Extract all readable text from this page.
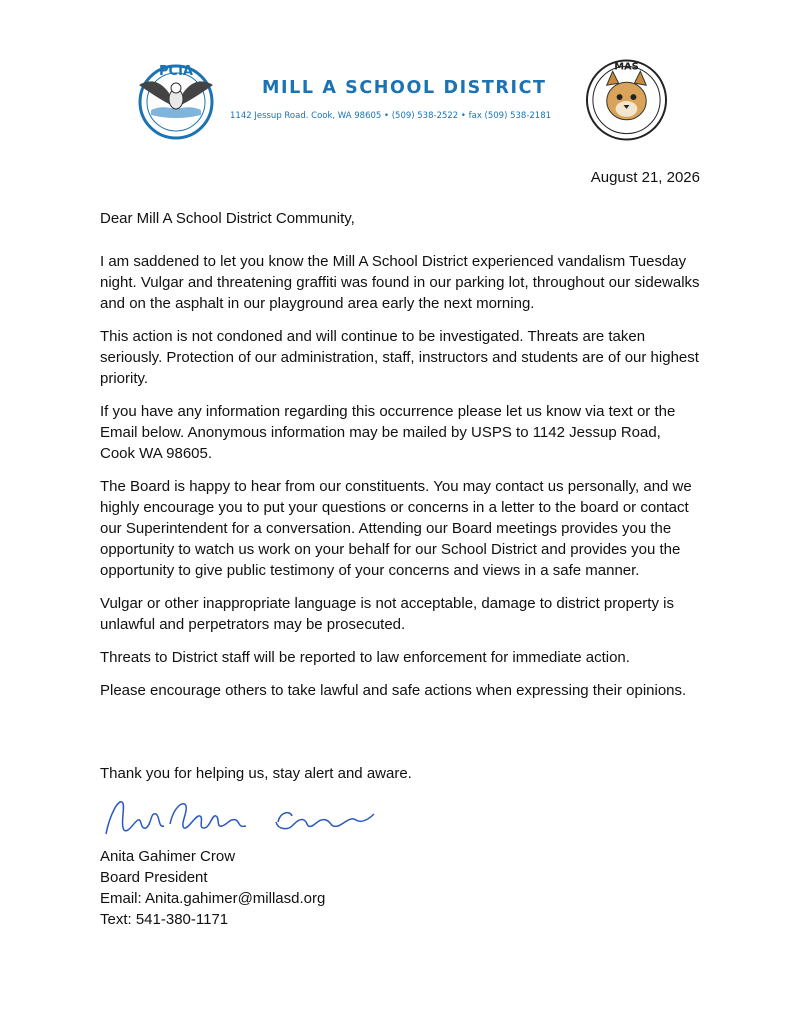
PCIA
MILL A SCHOOL DISTRICT
1142 Jessup Road. Cook, WA 98605 • (509) 538-2522 • fax (509) 538-2181
MAS
August 21, 2026
Dear Mill A School District Community,

I am saddened to let you know the Mill A School District experienced vandalism Tuesday night. Vulgar and threatening graffiti was found in our parking lot, throughout our sidewalks and on the asphalt in our playground area early the next morning.

This action is not condoned and will continue to be investigated. Threats are taken seriously. Protection of our administration, staff, instructors and students are of our highest priority.

If you have any information regarding this occurrence please let us know via text or the Email below. Anonymous information may be mailed by USPS to 1142 Jessup Road, Cook WA 98605.

The Board is happy to hear from our constituents. You may contact us personally, and we highly encourage you to put your questions or concerns in a letter to the board or contact our Superintendent for a conversation. Attending our Board meetings provides you the opportunity to watch us work on your behalf for our School District and provides you the opportunity to give public testimony of your concerns and views in a safe manner.

Vulgar or other inappropriate language is not acceptable, damage to district property is unlawful and perpetrators may be prosecuted.

Threats to District staff will be reported to law enforcement for immediate action.

Please encourage others to take lawful and safe actions when expressing their opinions.

Thank you for helping us, stay alert and aware.
Anita Gahimer Crow
Board President
Email: Anita.gahimer@millasd.org
Text: 541-380-1171
